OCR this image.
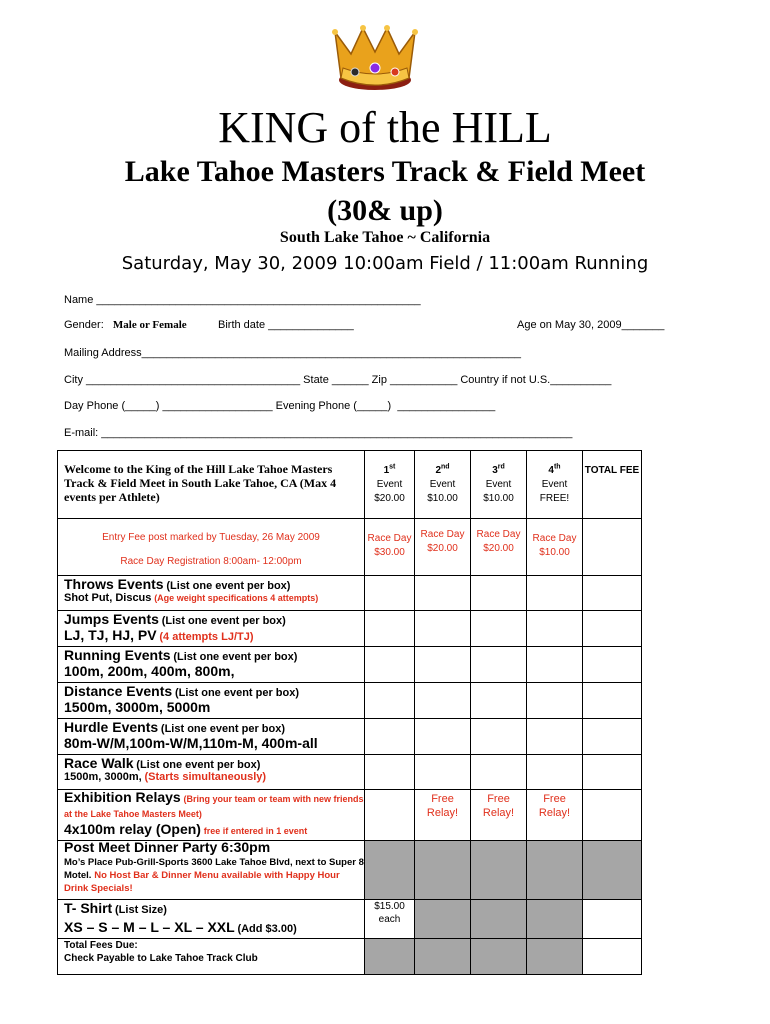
KING of the HILL
Lake Tahoe Masters Track & Field Meet
(30& up)
South Lake Tahoe ~ California
Saturday, May 30, 2009 10:00am Field / 11:00am Running
Name _____________________________________________________
Gender: Male or Female	Birth date ______________	Age on May 30, 2009_______
Mailing Address______________________________________________________________
City ___________________________________ State ______ Zip ___________ Country if not U.S.__________
Day Phone (_____) __________________ Evening Phone (_____)  ________________
E-mail: _____________________________________________________________________________
Welcome to the King of the Hill Lake Tahoe Masters Track & Field Meet in South Lake Tahoe, CA (Max 4 events per Athlete)	1st
Event
$20.00	2nd
Event
$10.00	3rd
Event
$10.00	4th
Event
FREE!	TOTAL FEE

Entry Fee post marked by Tuesday, 26 May 2009
Race Day Registration 8:00am- 12:00pm	Race Day $30.00	Race Day $20.00	Race Day $20.00	Race Day $10.00	
Throws Events (List one event per box)
Shot Put, Discus (Age weight specifications 4 attempts)					
Jumps Events (List one event per box)
LJ, TJ, HJ, PV (4 attempts LJ/TJ)					
Running Events (List one event per box)
100m, 200m, 400m, 800m,					
Distance Events (List one event per box)
1500m, 3000m, 5000m					
Hurdle Events (List one event per box)
80m-W/M,100m-W/M,110m-M, 400m-all					
Race Walk (List one event per box)
1500m, 3000m, (Starts simultaneously)					
Exhibition Relays (Bring your team or team with new friends at the Lake Tahoe Masters Meet)
4x100m relay (Open) free if entered in 1 event		Free Relay!	Free Relay!	Free Relay!	
Post Meet Dinner Party 6:30pm
Mo’s Place Pub-Grill-Sports 3600 Lake Tahoe Blvd, next to Super 8 Motel. No Host Bar & Dinner Menu available with Happy Hour Drink Specials!					
T- Shirt (List Size)
XS – S – M – L – XL – XXL (Add $3.00)	$15.00 each				
Total Fees Due:
Check Payable to Lake Tahoe Track Club					
